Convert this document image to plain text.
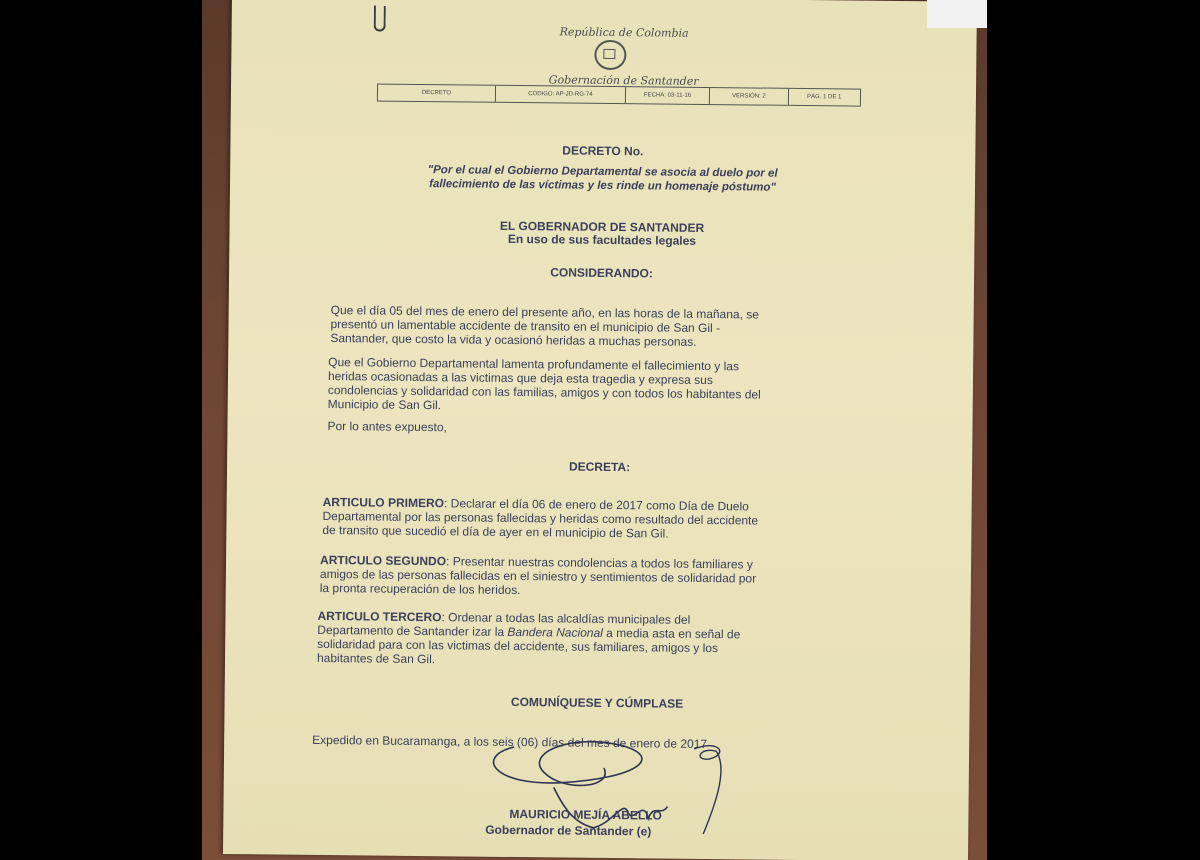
República de Colombia
Gobernación de Santander
DECRETO	CÓDIGO: AP-JD-RG-74	FECHA: 03-11-16	VERSIÓN: 2	PÁG. 1 DE 1
DECRETO No.
"Por el cual el Gobierno Departamental se asocia al duelo por el
fallecimiento de las víctimas y les rinde un homenaje póstumo"
EL GOBERNADOR DE SANTANDER
En uso de sus facultades legales
CONSIDERANDO:
Que el día 05 del mes de enero del presente año, en las horas de la mañana, se
presentó un lamentable accidente de transito en el municipio de San Gil -
Santander, que costo la vida y ocasionó heridas a muchas personas.
Que el Gobierno Departamental lamenta profundamente el fallecimiento y las
heridas ocasionadas a las victimas que deja esta tragedia y expresa sus
condolencias y solidaridad con las familias, amigos y con todos los habitantes del
Municipio de San Gil.
Por lo antes expuesto,
DECRETA:
ARTICULO PRIMERO: Declarar el día 06 de enero de 2017 como Día de Duelo
Departamental por las personas fallecidas y heridas como resultado del accidente
de transito que sucedió el día de ayer en el municipio de San Gil.
ARTICULO SEGUNDO: Presentar nuestras condolencias a todos los familiares y
amigos de las personas fallecidas en el siniestro y sentimientos de solidaridad por
la pronta recuperación de los heridos.
ARTICULO TERCERO: Ordenar a todas las alcaldías municipales del
Departamento de Santander izar la Bandera Nacional a media asta en señal de
solidaridad para con las victimas del accidente, sus familiares, amigos y los
habitantes de San Gil.
COMUNÍQUESE Y CÚMPLASE
Expedido en Bucaramanga, a los seis (06) días del mes de enero de 2017
MAURICIO MEJÍA ABELLO
Gobernador de Santander (e)
